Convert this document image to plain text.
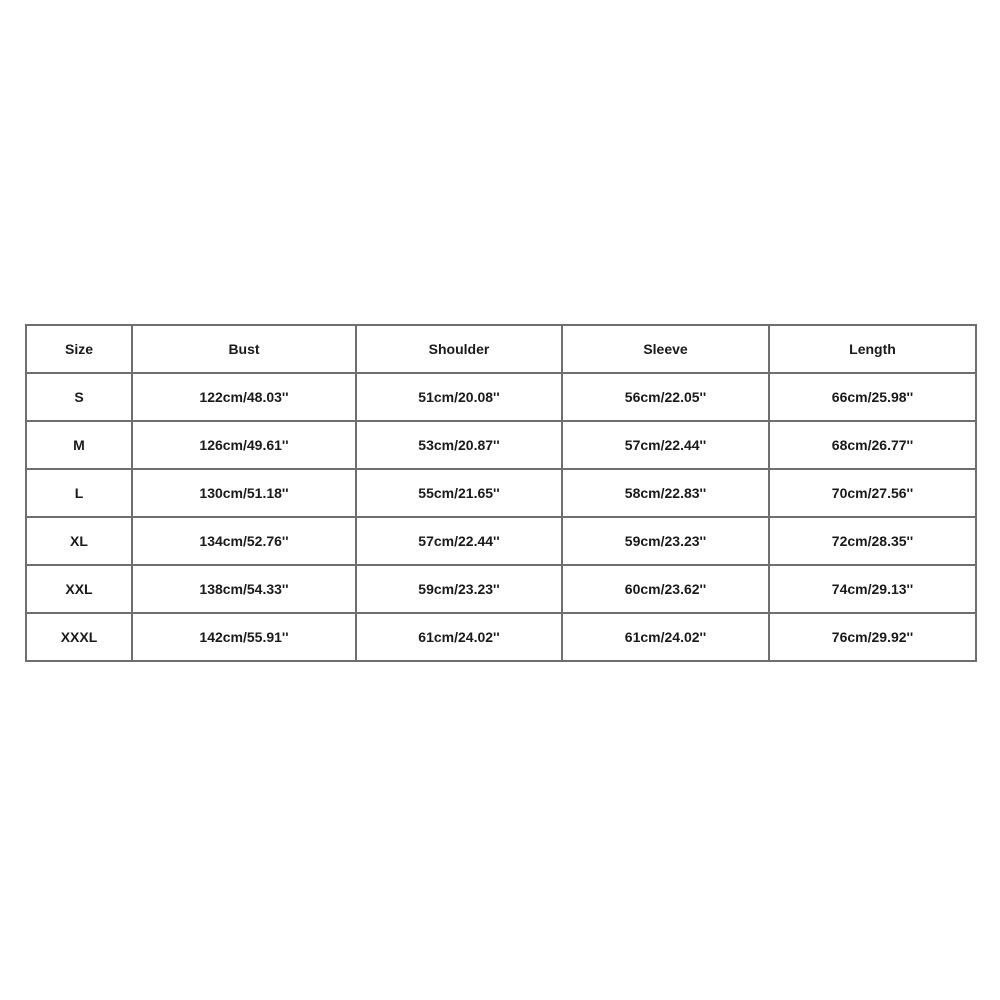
Size	Bust	Shoulder	Sleeve	Length
S	122cm/48.03''	51cm/20.08''	56cm/22.05''	66cm/25.98''
M	126cm/49.61''	53cm/20.87''	57cm/22.44''	68cm/26.77''
L	130cm/51.18''	55cm/21.65''	58cm/22.83''	70cm/27.56''
XL	134cm/52.76''	57cm/22.44''	59cm/23.23''	72cm/28.35''
XXL	138cm/54.33''	59cm/23.23''	60cm/23.62''	74cm/29.13''
XXXL	142cm/55.91''	61cm/24.02''	61cm/24.02''	76cm/29.92''
